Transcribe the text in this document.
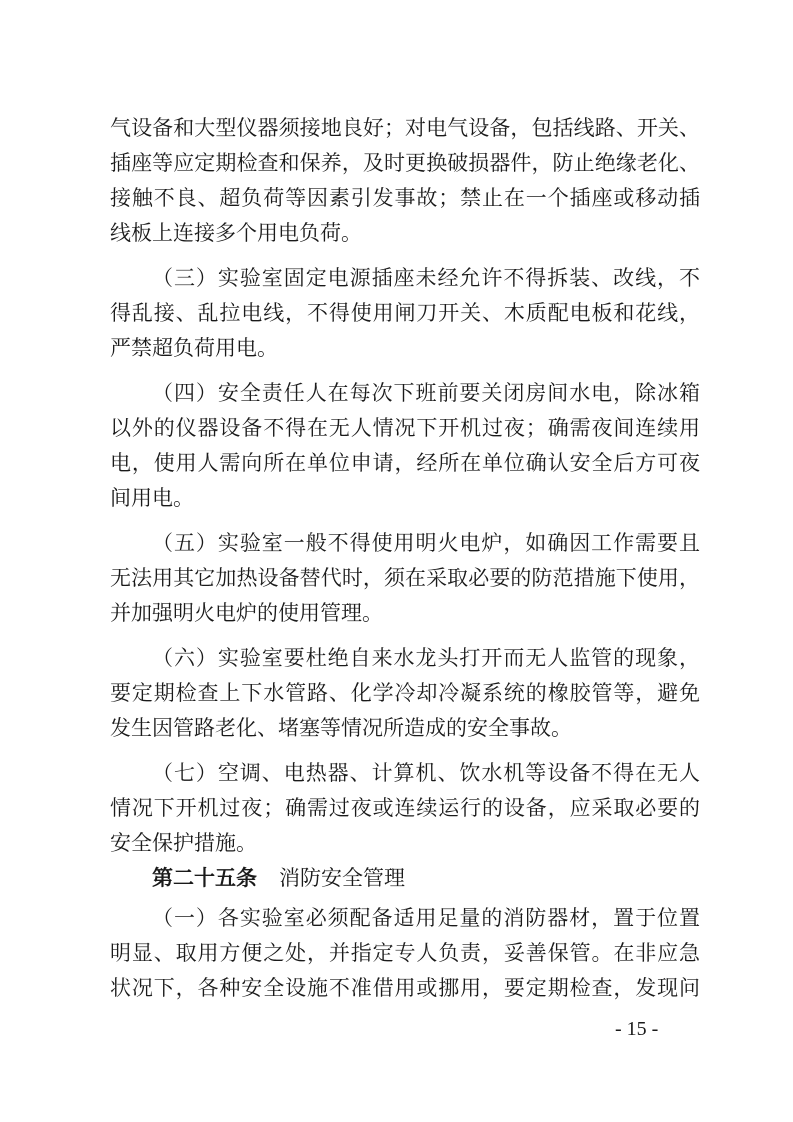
气设备和大型仪器须接地良好；对电气设备，包括线路、开关、
插座等应定期检查和保养，及时更换破损器件，防止绝缘老化、
接触不良、超负荷等因素引发事故；禁止在一个插座或移动插
线板上连接多个用电负荷。
（三）实验室固定电源插座未经允许不得拆装、改线，不
得乱接、乱拉电线，不得使用闸刀开关、木质配电板和花线，
严禁超负荷用电。
（四）安全责任人在每次下班前要关闭房间水电，除冰箱
以外的仪器设备不得在无人情况下开机过夜；确需夜间连续用
电，使用人需向所在单位申请，经所在单位确认安全后方可夜
间用电。
（五）实验室一般不得使用明火电炉，如确因工作需要且
无法用其它加热设备替代时，须在采取必要的防范措施下使用，
并加强明火电炉的使用管理。
（六）实验室要杜绝自来水龙头打开而无人监管的现象，
要定期检查上下水管路、化学冷却冷凝系统的橡胶管等，避免
发生因管路老化、堵塞等情况所造成的安全事故。
（七）空调、电热器、计算机、饮水机等设备不得在无人
情况下开机过夜；确需过夜或连续运行的设备，应采取必要的
安全保护措施。
第二十五条 消防安全管理
（一）各实验室必须配备适用足量的消防器材，置于位置
明显、取用方便之处，并指定专人负责，妥善保管。在非应急
状况下，各种安全设施不准借用或挪用，要定期检查，发现问
- 15 -
